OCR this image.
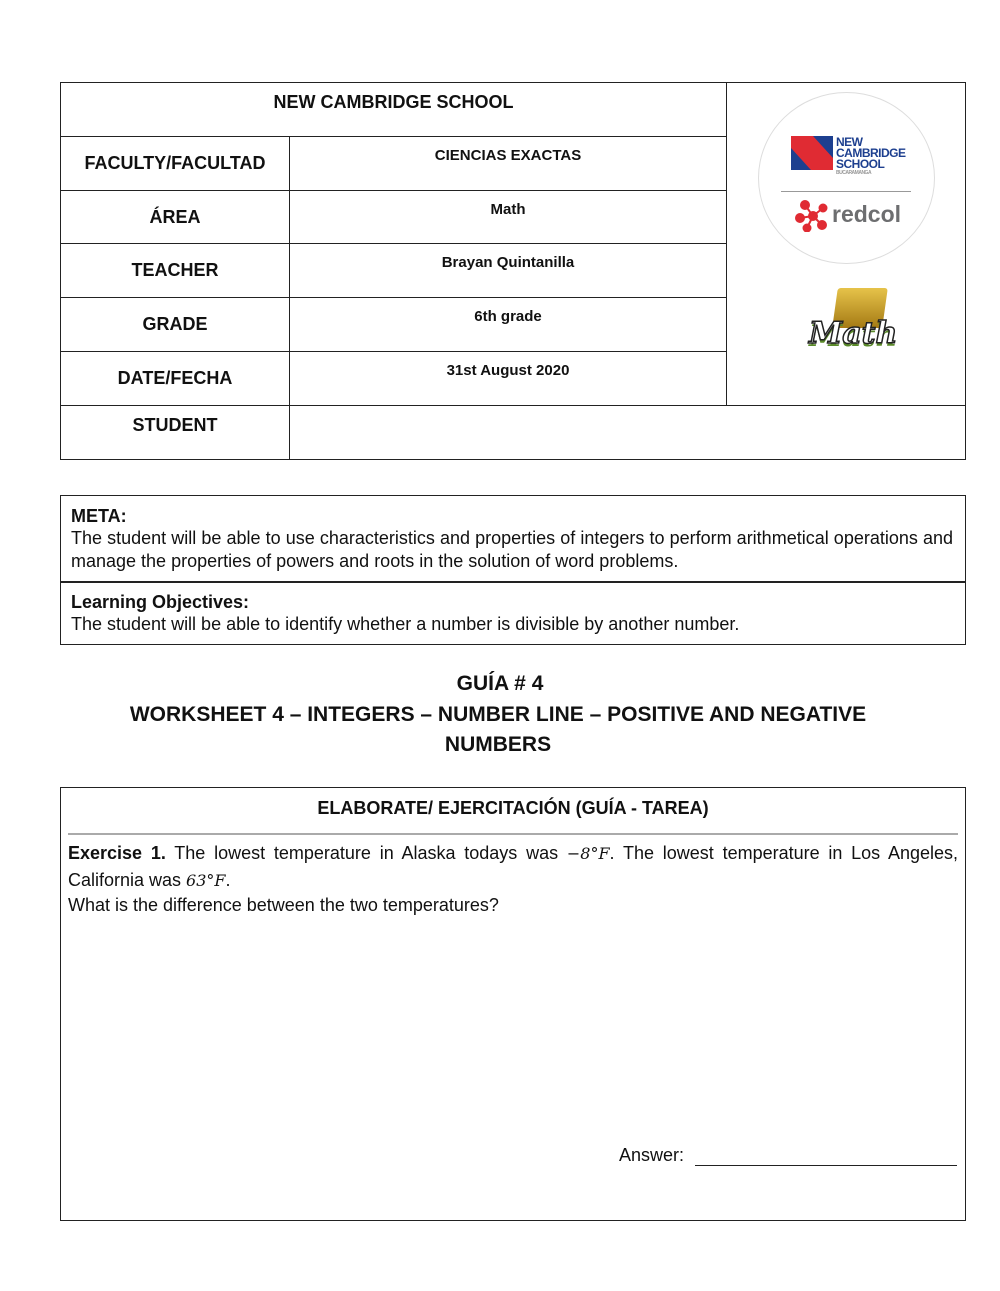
NEW CAMBRIDGE SCHOOL
FACULTY/FACULTAD	CIENCIAS EXACTAS
ÁREA	Math
TEACHER	Brayan Quintanilla
GRADE	6th grade
DATE/FECHA	31st August 2020
STUDENT
NEW
CAMBRIDGE
SCHOOL
BUCARAMANGA
redcol
Math
META:
The student will be able to use characteristics and properties of integers to perform arithmetical operations and manage the properties of powers and roots in the solution of word problems.
Learning Objectives:
The student will be able to identify whether a number is divisible by another number.
GUÍA # 4
WORKSHEET 4 – INTEGERS – NUMBER LINE – POSITIVE AND NEGATIVE
NUMBERS
ELABORATE/ EJERCITACIÓN (GUÍA - TAREA)
Exercise 1. The lowest temperature in Alaska todays was −8°F. The lowest temperature in Los Angeles, California was 63°F.
What is the difference between the two temperatures?
Answer:
